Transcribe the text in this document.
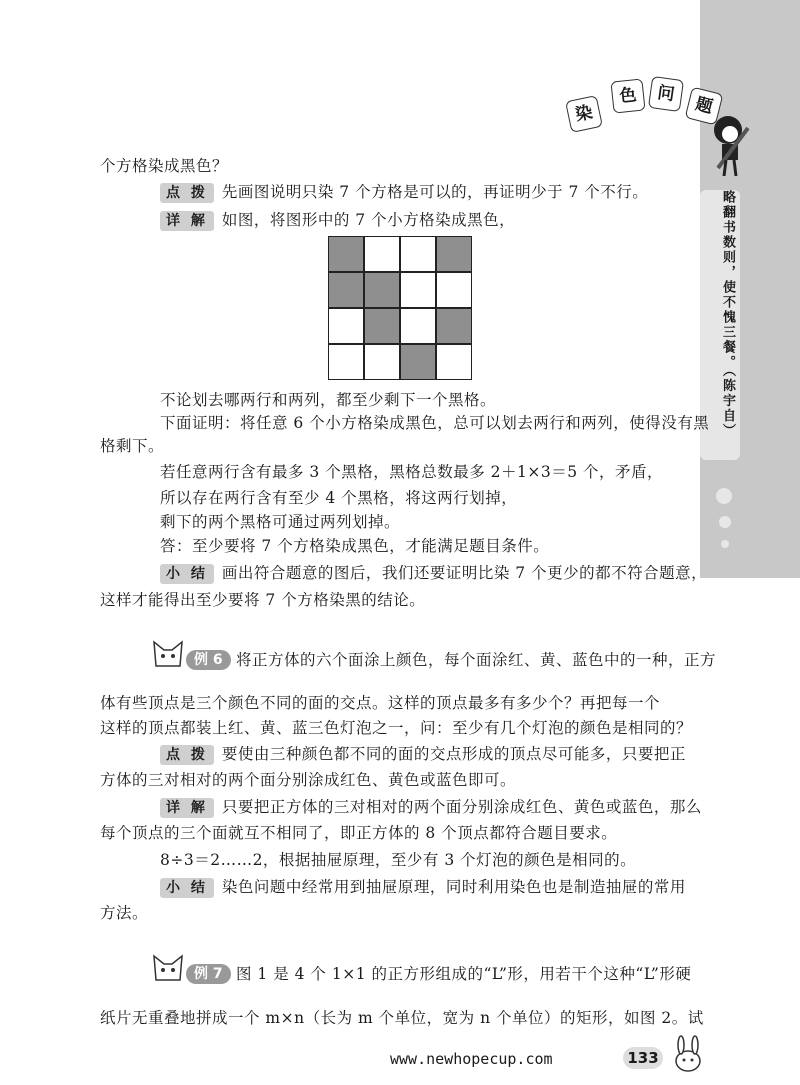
略翻书数则，使不愧三餐。（陈宇自）
染
色	问
题
个方格染成黑色？
点 拨 先画图说明只染 7 个方格是可以的，再证明少于 7 个不行。
详 解 如图，将图形中的 7 个小方格染成黑色，
不论划去哪两行和两列，都至少剩下一个黑格。
下面证明：将任意 6 个小方格染成黑色，总可以划去两行和两列，使得没有黑
格剩下。
若任意两行含有最多 3 个黑格，黑格总数最多 2＋1×3＝5 个，矛盾，
所以存在两行含有至少 4 个黑格，将这两行划掉，
剩下的两个黑格可通过两列划掉。
答：至少要将 7 个方格染成黑色，才能满足题目条件。
小 结 画出符合题意的图后，我们还要证明比染 7 个更少的都不符合题意，
这样才能得出至少要将 7 个方格染黑的结论。
例 6 将正方体的六个面涂上颜色，每个面涂红、黄、蓝色中的一种，正方
体有些顶点是三个颜色不同的面的交点。这样的顶点最多有多少个？再把每一个
这样的顶点都装上红、黄、蓝三色灯泡之一，问：至少有几个灯泡的颜色是相同的？
点 拨 要使由三种颜色都不同的面的交点形成的顶点尽可能多，只要把正
方体的三对相对的两个面分别涂成红色、黄色或蓝色即可。
详 解 只要把正方体的三对相对的两个面分别涂成红色、黄色或蓝色，那么
每个顶点的三个面就互不相同了，即正方体的 8 个顶点都符合题目要求。
8÷3＝2……2，根据抽屉原理，至少有 3 个灯泡的颜色是相同的。
小 结 染色问题中经常用到抽屉原理，同时利用染色也是制造抽屉的常用
方法。
例 7 图 1 是 4 个 1×1 的正方形组成的“L”形，用若干个这种“L”形硬
纸片无重叠地拼成一个 m×n（长为 m 个单位，宽为 n 个单位）的矩形，如图 2。试
www.newhopecup.com	133
